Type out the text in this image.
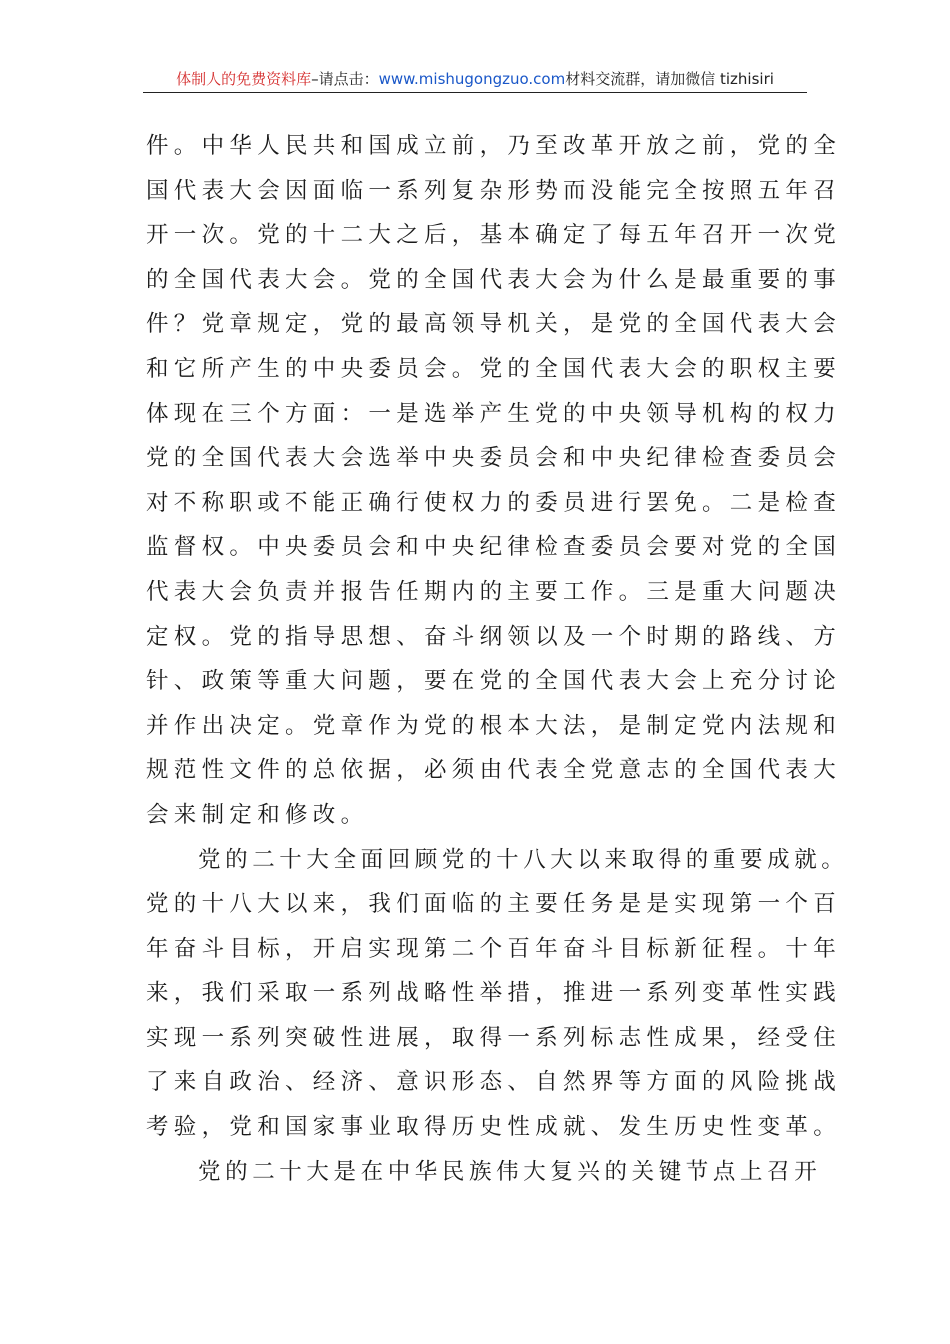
体制人的免费资料库–请点击：www.mishugongzuo.com材料交流群，请加微信 tizhisiri
件。中华人民共和国成立前，乃至改革开放之前，党的全
国代表大会因面临一系列复杂形势而没能完全按照五年召
开一次。党的十二大之后，基本确定了每五年召开一次党
的全国代表大会。党的全国代表大会为什么是最重要的事
件？党章规定，党的最高领导机关，是党的全国代表大会
和它所产生的中央委员会。党的全国代表大会的职权主要
体现在三个方面：一是选举产生党的中央领导机构的权力
党的全国代表大会选举中央委员会和中央纪律检查委员会
对不称职或不能正确行使权力的委员进行罢免。二是检查
监督权。中央委员会和中央纪律检查委员会要对党的全国
代表大会负责并报告任期内的主要工作。三是重大问题决
定权。党的指导思想、奋斗纲领以及一个时期的路线、方
针、政策等重大问题，要在党的全国代表大会上充分讨论
并作出决定。党章作为党的根本大法，是制定党内法规和
规范性文件的总依据，必须由代表全党意志的全国代表大
会来制定和修改。
党的二十大全面回顾党的十八大以来取得的重要成就。
党的十八大以来，我们面临的主要任务是是实现第一个百
年奋斗目标，开启实现第二个百年奋斗目标新征程。十年
来，我们采取一系列战略性举措，推进一系列变革性实践
实现一系列突破性进展，取得一系列标志性成果，经受住
了来自政治、经济、意识形态、自然界等方面的风险挑战
考验，党和国家事业取得历史性成就、发生历史性变革。
党的二十大是在中华民族伟大复兴的关键节点上召开
